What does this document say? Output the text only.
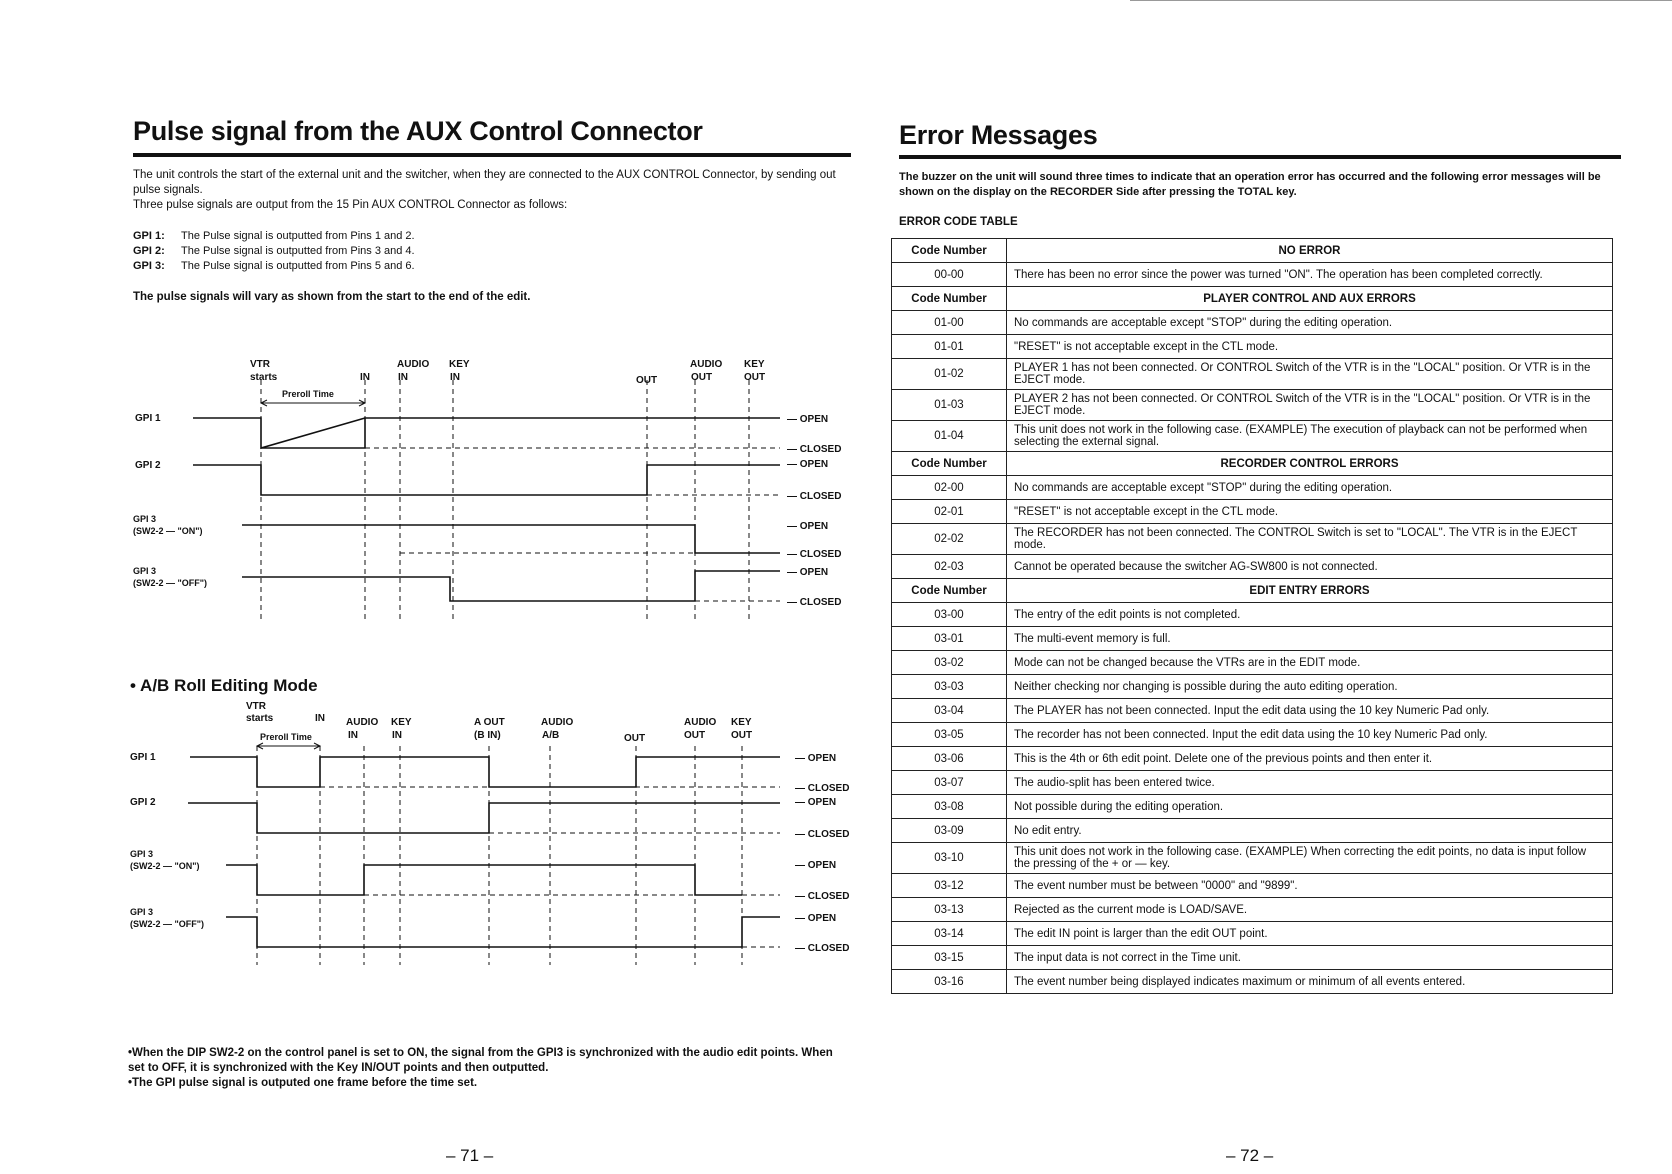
Pulse signal from the AUX Control Connector

The unit controls the start of the external unit and the switcher, when they are connected to the AUX CONTROL Connector, by sending out pulse signals.

Three pulse signals are output from the 15 Pin AUX CONTROL Connector as follows:

GPI 1: The Pulse signal is outputted from Pins 1 and 2.
GPI 2: The Pulse signal is outputted from Pins 3 and 4.
GPI 3: The Pulse signal is outputted from Pins 5 and 6.

The pulse signals will vary as shown from the start to the end of the edit.

VTR
starts	IN
AUDIO
IN
KEY
IN	OUT
AUDIO
OUT
KEY
OUT
Preroll Time
GPI 1
GPI 2
GPI 3
(SW2-2 — "ON")
GPI 3
(SW2-2 — "OFF")
— OPEN
— CLOSED
— OPEN
— CLOSED
— OPEN
— CLOSED
— OPEN
— CLOSED
• A/B Roll Editing Mode
VTR
starts	IN AUDIO
IN
KEY
IN
A OUT
(B IN)
AUDIO
A/B	OUT
AUDIO
OUT
KEY
OUT
Preroll Time
GPI 1
GPI 2
GPI 3
(SW2-2 — "ON")
GPI 3
(SW2-2 — "OFF")
— OPEN
— CLOSED
— OPEN
— CLOSED
— OPEN
— CLOSED
— OPEN
— CLOSED

•When the DIP SW2-2 on the control panel is set to ON, the signal from the GPI3 is synchronized with the audio edit points. When set to OFF, it is synchronized with the Key IN/OUT points and then outputted.

•The GPI pulse signal is outputed one frame before the time set.

– 71 –
Error Messages

The buzzer on the unit will sound three times to indicate that an operation error has occurred and the following error messages will be shown on the display on the RECORDER Side after pressing the TOTAL key.

ERROR CODE TABLE
Code Number	NO ERROR
00-00	There has been no error since the power was turned "ON". The operation has been completed correctly.
Code Number	PLAYER CONTROL AND AUX ERRORS
01-00	No commands are acceptable except "STOP" during the editing operation.
01-01	"RESET" is not acceptable except in the CTL mode.
01-02	PLAYER 1 has not been connected. Or CONTROL Switch of the VTR is in the "LOCAL" position. Or VTR is in the EJECT mode.
01-03	PLAYER 2 has not been connected. Or CONTROL Switch of the VTR is in the "LOCAL" position. Or VTR is in the EJECT mode.
01-04	This unit does not work in the following case. (EXAMPLE) The execution of playback can not be performed when selecting the external signal.
Code Number	RECORDER CONTROL ERRORS
02-00	No commands are acceptable except "STOP" during the editing operation.
02-01	"RESET" is not acceptable except in the CTL mode.
02-02	The RECORDER has not been connected. The CONTROL Switch is set to "LOCAL". The VTR is in the EJECT mode.
02-03	Cannot be operated because the switcher AG-SW800 is not connected.
Code Number	EDIT ENTRY ERRORS
03-00	The entry of the edit points is not completed.
03-01	The multi-event memory is full.
03-02	Mode can not be changed because the VTRs are in the EDIT mode.
03-03	Neither checking nor changing is possible during the auto editing operation.
03-04	The PLAYER has not been connected. Input the edit data using the 10 key Numeric Pad only.
03-05	The recorder has not been connected. Input the edit data using the 10 key Numeric Pad only.
03-06	This is the 4th or 6th edit point. Delete one of the previous points and then enter it.
03-07	The audio-split has been entered twice.
03-08	Not possible during the editing operation.
03-09	No edit entry.
03-10	This unit does not work in the following case. (EXAMPLE) When correcting the edit points, no data is input follow the pressing of the + or — key.
03-12	The event number must be between "0000" and "9899".
03-13	Rejected as the current mode is LOAD/SAVE.
03-14	The edit IN point is larger than the edit OUT point.
03-15	The input data is not correct in the Time unit.
03-16	The event number being displayed indicates maximum or minimum of all events entered.
– 72 –
